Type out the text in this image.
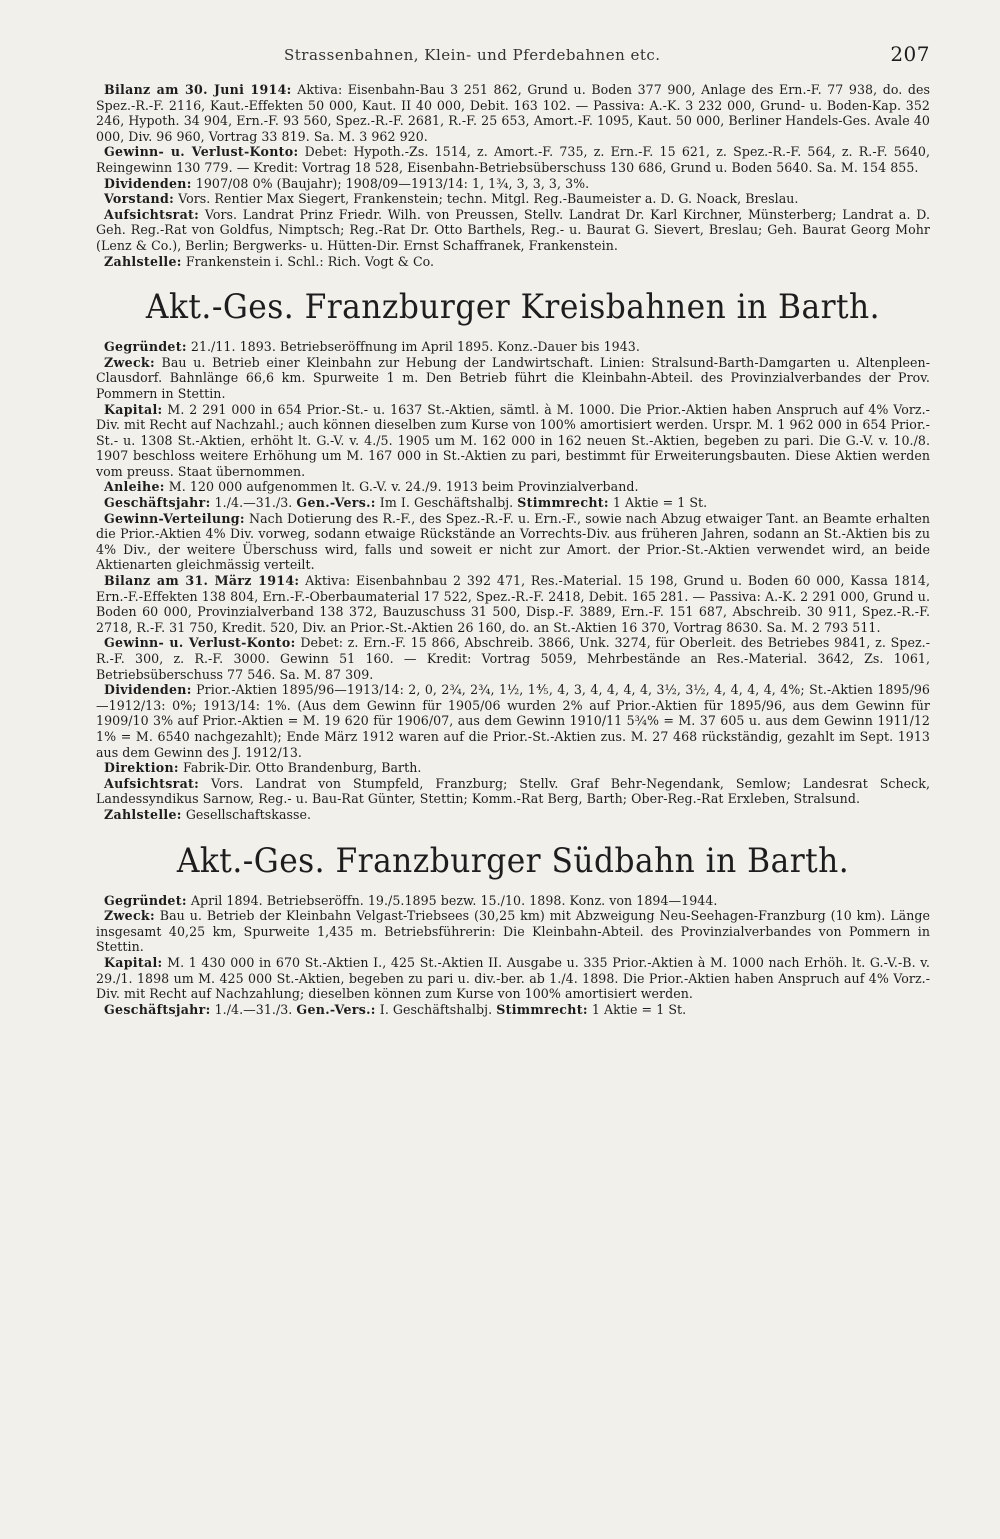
Strassenbahnen, Klein- und Pferdebahnen etc.	207

Bilanz am 30. Juni 1914: Aktiva: Eisenbahn-Bau 3 251 862, Grund u. Boden 377 900, Anlage des Ern.-F. 77 938, do. des Spez.-R.-F. 2116, Kaut.-Effekten 50 000, Kaut. II 40 000, Debit. 163 102. — Passiva: A.-K. 3 232 000, Grund- u. Boden-Kap. 352 246, Hypoth. 34 904, Ern.-F. 93 560, Spez.-R.-F. 2681, R.-F. 25 653, Amort.-F. 1095, Kaut. 50 000, Berliner Handels-Ges. Avale 40 000, Div. 96 960, Vortrag 33 819. Sa. M. 3 962 920.

Gewinn- u. Verlust-Konto: Debet: Hypoth.-Zs. 1514, z. Amort.-F. 735, z. Ern.-F. 15 621, z. Spez.-R.-F. 564, z. R.-F. 5640, Reingewinn 130 779. — Kredit: Vortrag 18 528, Eisenbahn-Betriebsüberschuss 130 686, Grund u. Boden 5640. Sa. M. 154 855.

Dividenden: 1907/08 0% (Baujahr); 1908/09—1913/14: 1, 1¾, 3, 3, 3, 3%.

Vorstand: Vors. Rentier Max Siegert, Frankenstein; techn. Mitgl. Reg.-Baumeister a. D. G. Noack, Breslau.

Aufsichtsrat: Vors. Landrat Prinz Friedr. Wilh. von Preussen, Stellv. Landrat Dr. Karl Kirchner, Münsterberg; Landrat a. D. Geh. Reg.-Rat von Goldfus, Nimptsch; Reg.-Rat Dr. Otto Barthels, Reg.- u. Baurat G. Sievert, Breslau; Geh. Baurat Georg Mohr (Lenz & Co.), Berlin; Bergwerks- u. Hütten-Dir. Ernst Schaffranek, Frankenstein.

Zahlstelle: Frankenstein i. Schl.: Rich. Vogt & Co.

Akt.-Ges. Franzburger Kreisbahnen in Barth.

Gegründet: 21./11. 1893. Betriebseröffnung im April 1895. Konz.-Dauer bis 1943.

Zweck: Bau u. Betrieb einer Kleinbahn zur Hebung der Landwirtschaft. Linien: Stralsund-Barth-Damgarten u. Altenpleen-Clausdorf. Bahnlänge 66,6 km. Spurweite 1 m. Den Betrieb führt die Kleinbahn-Abteil. des Provinzialverbandes der Prov. Pommern in Stettin.

Kapital: M. 2 291 000 in 654 Prior.-St.- u. 1637 St.-Aktien, sämtl. à M. 1000. Die Prior.-Aktien haben Anspruch auf 4% Vorz.-Div. mit Recht auf Nachzahl.; auch können dieselben zum Kurse von 100% amortisiert werden. Urspr. M. 1 962 000 in 654 Prior.-St.- u. 1308 St.-Aktien, erhöht lt. G.-V. v. 4./5. 1905 um M. 162 000 in 162 neuen St.-Aktien, begeben zu pari. Die G.-V. v. 10./8. 1907 beschloss weitere Erhöhung um M. 167 000 in St.-Aktien zu pari, bestimmt für Erweiterungsbauten. Diese Aktien werden vom preuss. Staat übernommen.

Anleihe: M. 120 000 aufgenommen lt. G.-V. v. 24./9. 1913 beim Provinzialverband.

Geschäftsjahr: 1./4.—31./3. Gen.-Vers.: Im I. Geschäftshalbj. Stimmrecht: 1 Aktie = 1 St.

Gewinn-Verteilung: Nach Dotierung des R.-F., des Spez.-R.-F. u. Ern.-F., sowie nach Abzug etwaiger Tant. an Beamte erhalten die Prior.-Aktien 4% Div. vorweg, sodann etwaige Rückstände an Vorrechts-Div. aus früheren Jahren, sodann an St.-Aktien bis zu 4% Div., der weitere Überschuss wird, falls und soweit er nicht zur Amort. der Prior.-St.-Aktien verwendet wird, an beide Aktienarten gleichmässig verteilt.

Bilanz am 31. März 1914: Aktiva: Eisenbahnbau 2 392 471, Res.-Material. 15 198, Grund u. Boden 60 000, Kassa 1814, Ern.-F.-Effekten 138 804, Ern.-F.-Oberbaumaterial 17 522, Spez.-R.-F. 2418, Debit. 165 281. — Passiva: A.-K. 2 291 000, Grund u. Boden 60 000, Provinzialverband 138 372, Bauzuschuss 31 500, Disp.-F. 3889, Ern.-F. 151 687, Abschreib. 30 911, Spez.-R.-F. 2718, R.-F. 31 750, Kredit. 520, Div. an Prior.-St.-Aktien 26 160, do. an St.-Aktien 16 370, Vortrag 8630. Sa. M. 2 793 511.

Gewinn- u. Verlust-Konto: Debet: z. Ern.-F. 15 866, Abschreib. 3866, Unk. 3274, für Oberleit. des Betriebes 9841, z. Spez.-R.-F. 300, z. R.-F. 3000. Gewinn 51 160. — Kredit: Vortrag 5059, Mehrbestände an Res.-Material. 3642, Zs. 1061, Betriebsüberschuss 77 546. Sa. M. 87 309.

Dividenden: Prior.-Aktien 1895/96—1913/14: 2, 0, 2¾, 2¾, 1½, 1⅘, 4, 3, 4, 4, 4, 4, 3½, 3½, 4, 4, 4, 4, 4%; St.-Aktien 1895/96—1912/13: 0%; 1913/14: 1%. (Aus dem Gewinn für 1905/06 wurden 2% auf Prior.-Aktien für 1895/96, aus dem Gewinn für 1909/10 3% auf Prior.-Aktien = M. 19 620 für 1906/07, aus dem Gewinn 1910/11 5¾% = M. 37 605 u. aus dem Gewinn 1911/12 1% = M. 6540 nachgezahlt); Ende März 1912 waren auf die Prior.-St.-Aktien zus. M. 27 468 rückständig, gezahlt im Sept. 1913 aus dem Gewinn des J. 1912/13.

Direktion: Fabrik-Dir. Otto Brandenburg, Barth.

Aufsichtsrat: Vors. Landrat von Stumpfeld, Franzburg; Stellv. Graf Behr-Negendank, Semlow; Landesrat Scheck, Landessyndikus Sarnow, Reg.- u. Bau-Rat Günter, Stettin; Komm.-Rat Berg, Barth; Ober-Reg.-Rat Erxleben, Stralsund.

Zahlstelle: Gesellschaftskasse.

Akt.-Ges. Franzburger Südbahn in Barth.

Gegründet: April 1894. Betriebseröffn. 19./5.1895 bezw. 15./10. 1898. Konz. von 1894—1944.

Zweck: Bau u. Betrieb der Kleinbahn Velgast-Triebsees (30,25 km) mit Abzweigung Neu-Seehagen-Franzburg (10 km). Länge insgesamt 40,25 km, Spurweite 1,435 m. Betriebsführerin: Die Kleinbahn-Abteil. des Provinzialverbandes von Pommern in Stettin.

Kapital: M. 1 430 000 in 670 St.-Aktien I., 425 St.-Aktien II. Ausgabe u. 335 Prior.-Aktien à M. 1000 nach Erhöh. lt. G.-V.-B. v. 29./1. 1898 um M. 425 000 St.-Aktien, begeben zu pari u. div.-ber. ab 1./4. 1898. Die Prior.-Aktien haben Anspruch auf 4% Vorz.-Div. mit Recht auf Nachzahlung; dieselben können zum Kurse von 100% amortisiert werden.

Geschäftsjahr: 1./4.—31./3. Gen.-Vers.: I. Geschäftshalbj. Stimmrecht: 1 Aktie = 1 St.
